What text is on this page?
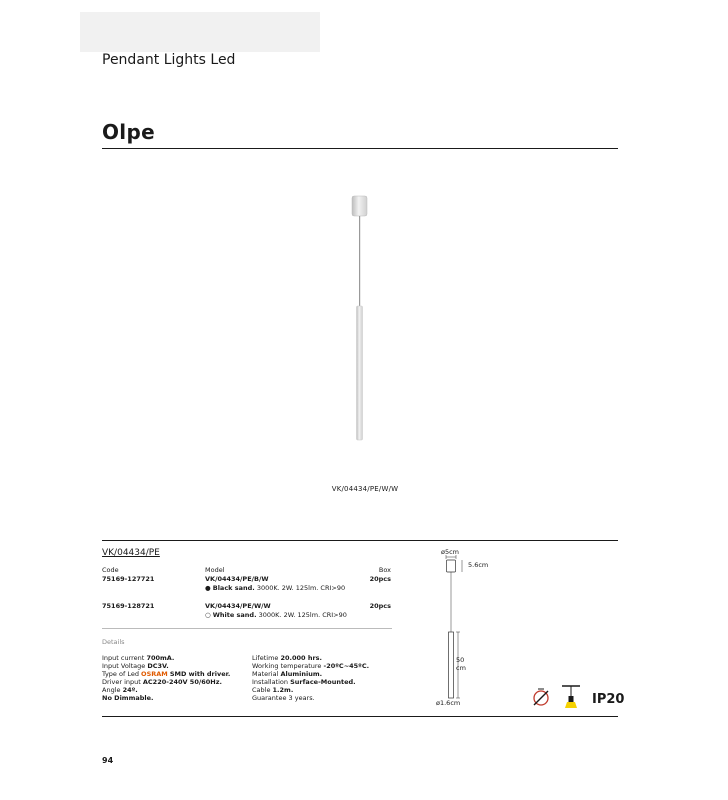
Pendant Lights Led
Olpe
VK/04434/PE/W/W
VK/04434/PE
Code	Model	Box
75169-127721	VK/04434/PE/B/W	20pcs
● Black sand. 3000K. 2W. 125lm. CRI>90
75169-128721	VK/04434/PE/W/W	20pcs
○ White sand. 3000K. 2W. 125lm. CRI>90
Details
Input current 700mA.
Input Voltage DC3V.
Type of Led OSRAM SMD with driver.
Driver input AC220-240V 50/60Hz.
Angle 24º.
No Dimmable.
Lifetime 20.000 hrs.
Working temperature -20ºC~45ºC.
Material Aluminium.
Installation Surface-Mounted.
Cable 1.2m.
Guarantee 3 years.
ø5cm
5.6cm
50
cm
ø1.6cm	IP20
94
